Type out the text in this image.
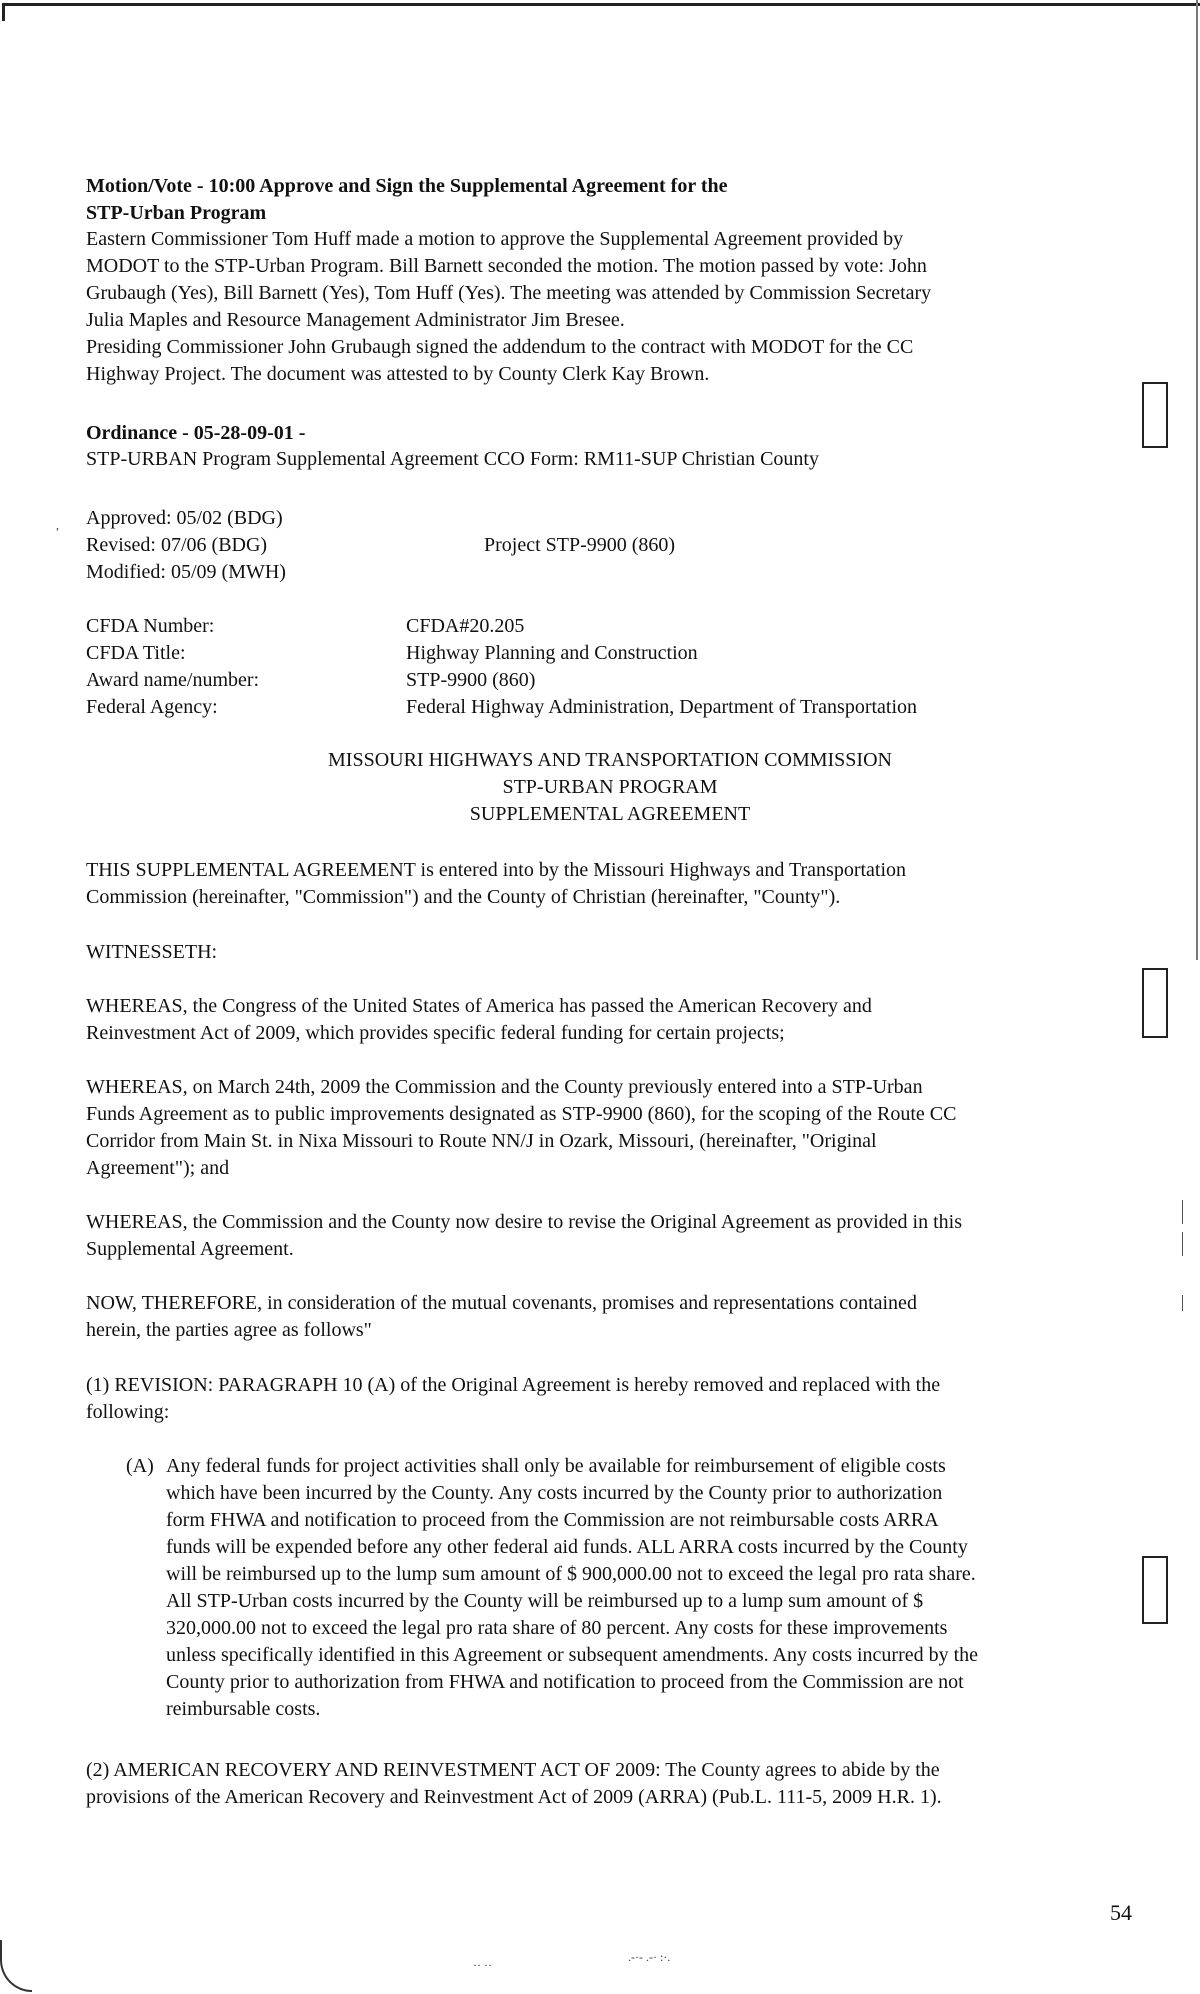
Motion/Vote - 10:00 Approve and Sign the Supplemental Agreement for the
STP-Urban Program
Eastern Commissioner Tom Huff made a motion to approve the Supplemental Agreement provided by
MODOT to the STP-Urban Program. Bill Barnett seconded the motion. The motion passed by vote: John
Grubaugh (Yes), Bill Barnett (Yes), Tom Huff (Yes). The meeting was attended by Commission Secretary
Julia Maples and Resource Management Administrator Jim Bresee.
Presiding Commissioner John Grubaugh signed the addendum to the contract with MODOT for the CC
Highway Project. The document was attested to by County Clerk Kay Brown.
Ordinance - 05-28-09-01 -
STP-URBAN Program Supplemental Agreement CCO Form: RM11-SUP Christian County
Approved: 05/02 (BDG)
Revised: 07/06 (BDG)
Modified: 05/09 (MWH)
Project STP-9900 (860)
CFDA Number:	CFDA#20.205
CFDA Title:	Highway Planning and Construction
Award name/number:	STP-9900 (860)
Federal Agency:	Federal Highway Administration, Department of Transportation
MISSOURI HIGHWAYS AND TRANSPORTATION COMMISSION
STP-URBAN PROGRAM
SUPPLEMENTAL AGREEMENT
THIS SUPPLEMENTAL AGREEMENT is entered into by the Missouri Highways and Transportation
Commission (hereinafter, "Commission") and the County of Christian (hereinafter, "County").
WITNESSETH:
WHEREAS, the Congress of the United States of America has passed the American Recovery and
Reinvestment Act of 2009, which provides specific federal funding for certain projects;
WHEREAS, on March 24th, 2009 the Commission and the County previously entered into a STP-Urban
Funds Agreement as to public improvements designated as STP-9900 (860), for the scoping of the Route CC
Corridor from Main St. in Nixa Missouri to Route NN/J in Ozark, Missouri, (hereinafter, "Original
Agreement"); and
WHEREAS, the Commission and the County now desire to revise the Original Agreement as provided in this
Supplemental Agreement.
NOW, THEREFORE, in consideration of the mutual covenants, promises and representations contained
herein, the parties agree as follows"
(1) REVISION: PARAGRAPH 10 (A) of the Original Agreement is hereby removed and replaced with the
following:
(A) Any federal funds for project activities shall only be available for reimbursement of eligible costs
which have been incurred by the County. Any costs incurred by the County prior to authorization
form FHWA and notification to proceed from the Commission are not reimbursable costs ARRA
funds will be expended before any other federal aid funds. ALL ARRA costs incurred by the County
will be reimbursed up to the lump sum amount of $ 900,000.00 not to exceed the legal pro rata share.
All STP-Urban costs incurred by the County will be reimbursed up to a lump sum amount of $
320,000.00 not to exceed the legal pro rata share of 80 percent. Any costs for these improvements
unless specifically identified in this Agreement or subsequent amendments. Any costs incurred by the
County prior to authorization from FHWA and notification to proceed from the Commission are not
reimbursable costs.
(2) AMERICAN RECOVERY AND REINVESTMENT ACT OF 2009: The County agrees to abide by the
provisions of the American Recovery and Reinvestment Act of 2009 (ARRA) (Pub.L. 111-5, 2009 H.R. 1).
54
,
·· ··
.-·- .-· :·.
